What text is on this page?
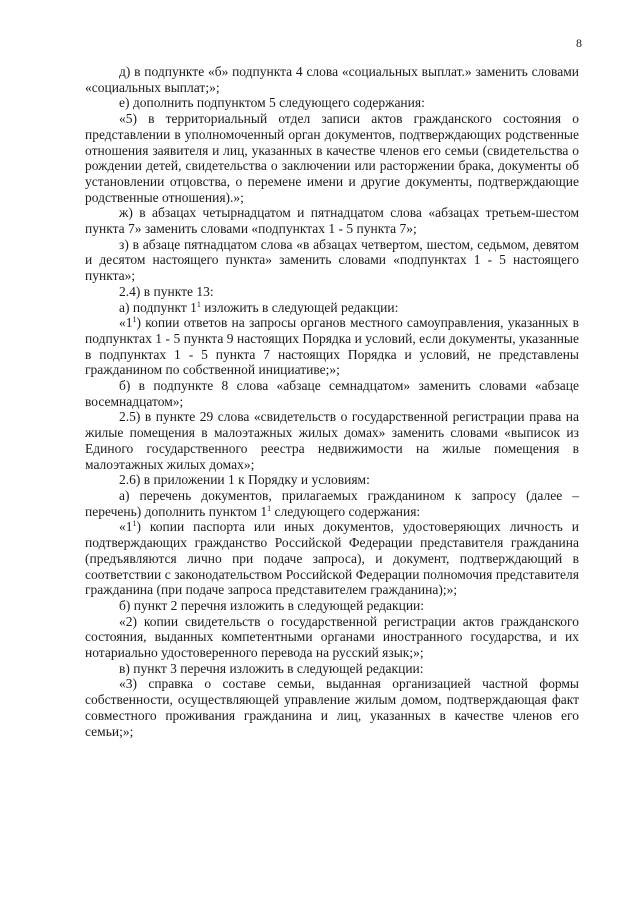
8

д) в подпункте «б» подпункта 4 слова «социальных выплат.» заменить словами «социальных выплат;»;

е) дополнить подпунктом 5 следующего содержания:

«5) в территориальный отдел записи актов гражданского состояния о представлении в уполномоченный орган документов, подтверждающих родственные отношения заявителя и лиц, указанных в качестве членов его семьи (свидетельства о рождении детей, свидетельства о заключении или расторжении брака, документы об установлении отцовства, о перемене имени и другие документы, подтверждающие родственные отношения).»;

ж) в абзацах четырнадцатом и пятнадцатом слова «абзацах третьем-шестом пункта 7» заменить словами «подпунктах 1 - 5 пункта 7»;

з) в абзаце пятнадцатом слова «в абзацах четвертом, шестом, седьмом, девятом и десятом настоящего пункта» заменить словами «подпунктах 1 - 5 настоящего пункта»;

2.4) в пункте 13:

а) подпункт $1^1$ изложить в следующей редакции:

«$1^1$) копии ответов на запросы органов местного самоуправления, указанных в подпунктах 1 - 5 пункта 9 настоящих Порядка и условий, если документы, указанные в подпунктах 1 - 5 пункта 7 настоящих Порядка и условий, не представлены гражданином по собственной инициативе;»;

б) в подпункте 8 слова «абзаце семнадцатом» заменить словами «абзаце восемнадцатом»;

2.5) в пункте 29 слова «свидетельств о государственной регистрации права на жилые помещения в малоэтажных жилых домах» заменить словами «выписок из Единого государственного реестра недвижимости на жилые помещения в малоэтажных жилых домах»;

2.6) в приложении 1 к Порядку и условиям:

а) перечень документов, прилагаемых гражданином к запросу (далее – перечень) дополнить пунктом $1^1$ следующего содержания:

«$1^1$) копии паспорта или иных документов, удостоверяющих личность и подтверждающих гражданство Российской Федерации представителя гражданина (предъявляются лично при подаче запроса), и документ, подтверждающий в соответствии с законодательством Российской Федерации полномочия представителя гражданина (при подаче запроса представителем гражданина);»;

б) пункт 2 перечня изложить в следующей редакции:

«2) копии свидетельств о государственной регистрации актов гражданского состояния, выданных компетентными органами иностранного государства, и их нотариально удостоверенного перевода на русский язык;»;

в) пункт 3 перечня изложить в следующей редакции:

«3) справка о составе семьи, выданная организацией частной формы собственности, осуществляющей управление жилым домом, подтверждающая факт совместного проживания гражданина и лиц, указанных в качестве членов его семьи;»;
